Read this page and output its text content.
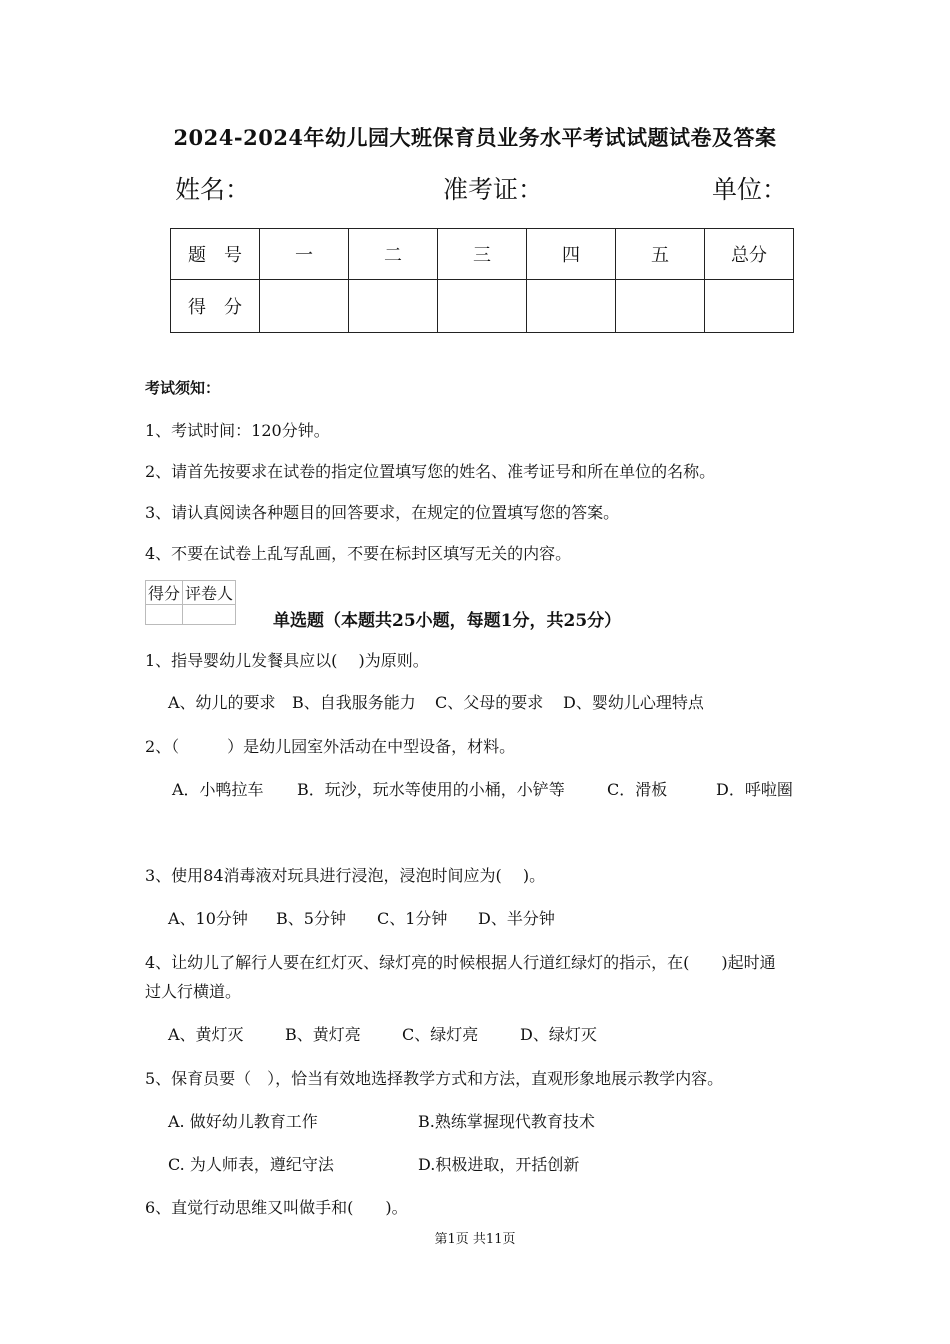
2024-2024年幼儿园大班保育员业务水平考试试题试卷及答案
姓名：	准考证：	单位：
题　号	一	二	三	四	五	总分
得　分						
考试须知：
1、考试时间：120分钟。
2、请首先按要求在试卷的指定位置填写您的姓名、准考证号和所在单位的名称。
3、请认真阅读各种题目的回答要求，在规定的位置填写您的答案。
4、不要在试卷上乱写乱画，不要在标封区填写无关的内容。
得分	评卷人

单选题（本题共25小题，每题1分，共25分）
1、指导婴幼儿发餐具应以(　 )为原则。
A、幼儿的要求 B、自我服务能力 C、父母的要求 D、婴幼儿心理特点
2、（　　　）是幼儿园室外活动在中型设备，材料。
A．小鸭拉车 B．玩沙，玩水等使用的小桶，小铲等	C．滑板	D．呼啦圈
3、使用84消毒液对玩具进行浸泡，浸泡时间应为(　 )。
A、10分钟 B、5分钟 C、1分钟 D、半分钟
4、让幼儿了解行人要在红灯灭、绿灯亮的时候根据人行道红绿灯的指示，在(　　)起时通
过人行横道。
A、黄灯灭	B、黄灯亮	C、绿灯亮	D、绿灯灭
5、保育员要（　），恰当有效地选择教学方式和方法，直观形象地展示教学内容。
A. 做好幼儿教育工作	B.熟练掌握现代教育技术
C. 为人师表，遵纪守法	D.积极进取，开括创新
6、直觉行动思维又叫做手和(　　)。
第1页 共11页
